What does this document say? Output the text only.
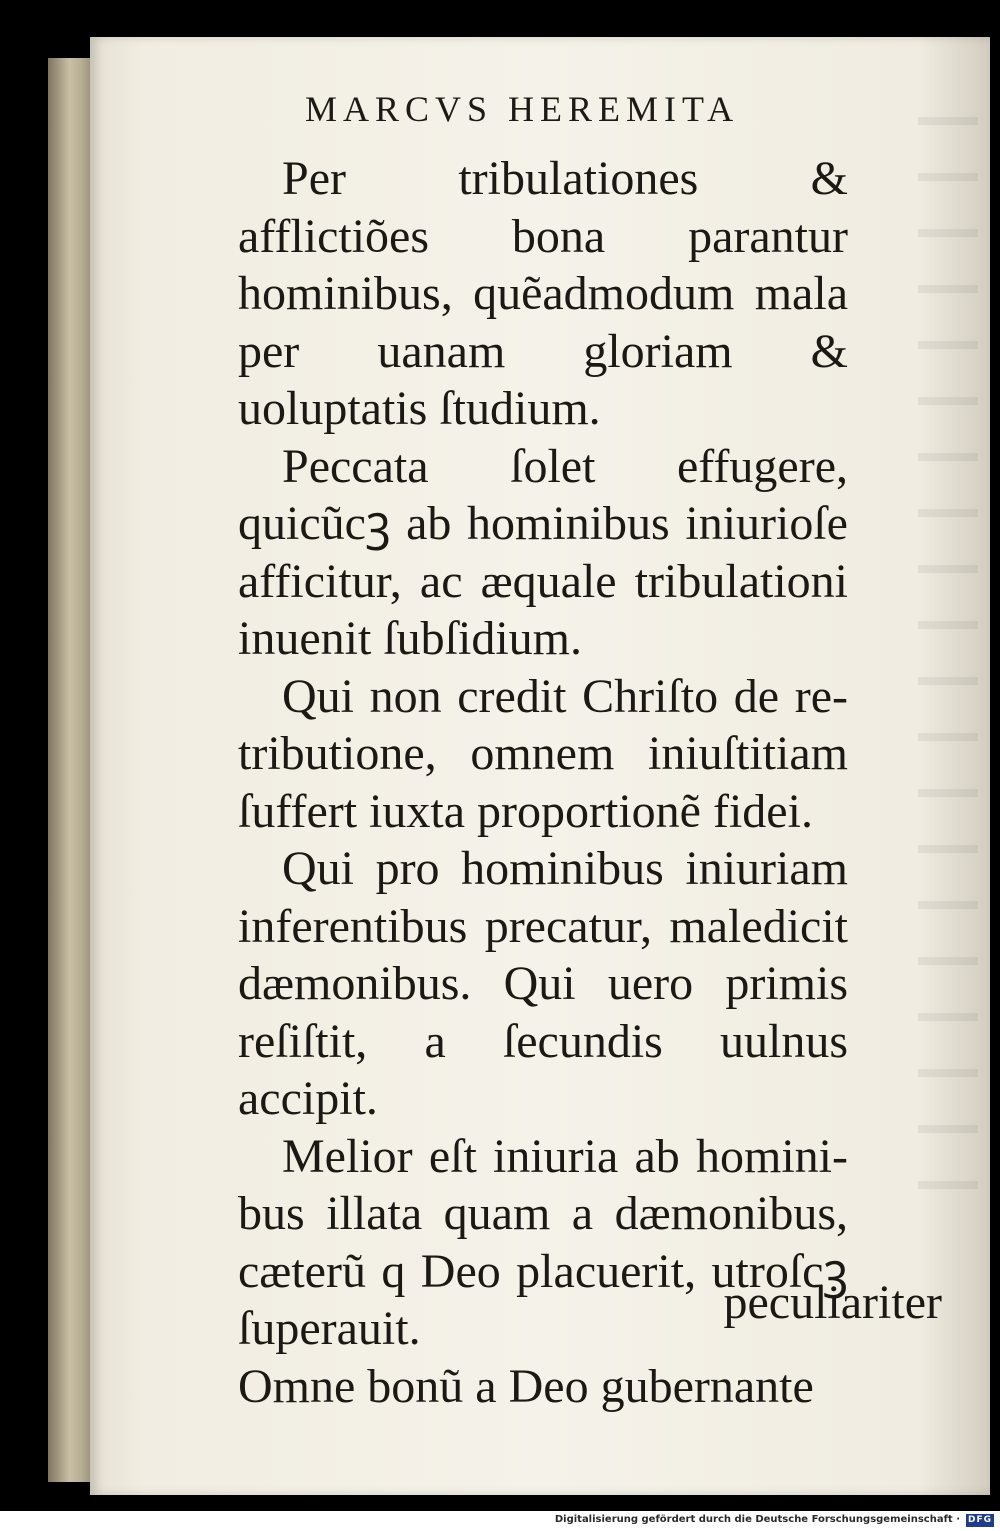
MARCVS HEREMITA

Per tribulationes & afflictiões bona parantur hominibus, quẽadmodum mala per uanam gloriam & uoluptatis ſtudium.

Peccata ſolet effugere, quicũcꝫ ab hominibus iniurioſe afficitur, ac æquale tribulationi inuenit ſubſidium.

Qui non credit Chriſto de retributione, omnem iniuſtitiam ſuffert iuxta proportionẽ fidei.

Qui pro hominibus iniuriam inferentibus precatur, maledicit dæmonibus. Qui uero primis reſiſtit, a ſecundis uulnus accipit.

Melior eſt iniuria ab hominibus illata quam a dæmonibus, cæterũ q Deo placuerit, utroſcꝫ ſuperauit.

Omne bonũ a Deo gubernante

peculiariter
Digitalisierung gefördert durch die Deutsche Forschungsgemeinschaft · DFG
